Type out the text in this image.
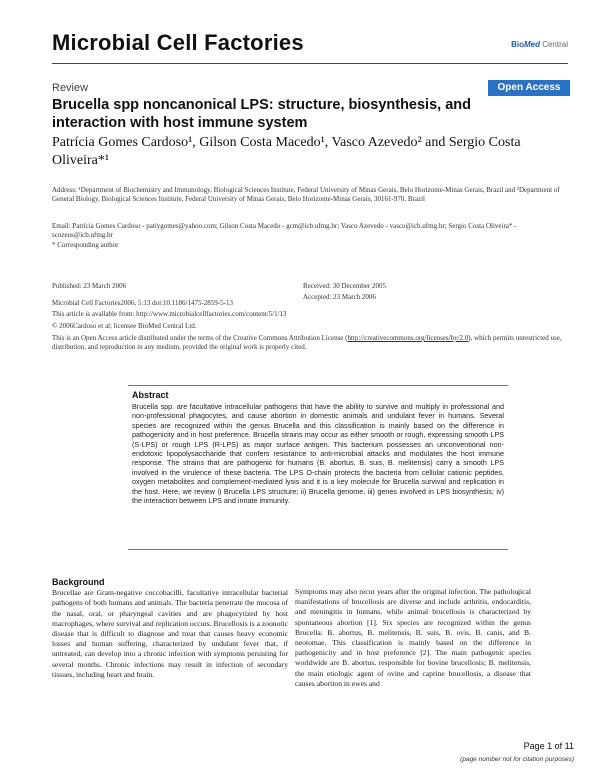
Microbial Cell Factories	BioMed Central
Review	Open Access
Brucella spp noncanonical LPS: structure, biosynthesis, and interaction with host immune system
Patrícia Gomes Cardoso¹, Gilson Costa Macedo¹, Vasco Azevedo² and Sergio Costa Oliveira*¹
Address: ¹Department of Biochemistry and Immunology, Biological Sciences Institute, Federal University of Minas Gerais, Belo Horizonte-Minas Gerais, Brazil and ²Department of General Biology, Biological Sciences Institute, Federal University of Minas Gerais, Belo Horizonte-Minas Gerais, 30161-970, Brazil
Email: Patrícia Gomes Cardoso - patiygomes@yahoo.com; Gilson Costa Macedo - gcm@icb.ufmg.br; Vasco Azevedo - vasco@icb.ufmg.br; Sergio Costa Oliveira* - scozeus@icb.ufmg.br
* Corresponding author
Published: 23 March 2006
Microbial Cell Factories2006, 5:13 doi:10.1186/1475-2859-5-13
Received: 30 December 2005
Accepted: 23 March 2006

This article is available from: http://www.microbialcellfactories.com/content/5/1/13

© 2006Cardoso et al; licensee BioMed Central Ltd.

This is an Open Access article distributed under the terms of the Creative Commons Attribution License (http://creativecommons.org/licenses/by/2.0), which permits unrestricted use, distribution, and reproduction in any medium, provided the original work is properly cited.

Abstract
Brucella spp. are facultative intracellular pathogens that have the ability to survive and multiply in professional and non-professional phagocytes, and cause abortion in domestic animals and undulant fever in humans. Several species are recognized within the genus Brucella and this classification is mainly based on the difference in pathogenicity and in host preference. Brucella strains may occur as either smooth or rough, expressing smooth LPS (S-LPS) or rough LPS (R-LPS) as major surface antigen. This bacterium possesses an unconventional non-endotoxic lipopolysaccharide that confers resistance to anti-microbial attacks and modulates the host immune response. The strains that are pathogenic for humans (B. abortus, B. suis, B. melitensis) carry a smooth LPS involved in the virulence of these bacteria. The LPS O-chain protects the bacteria from cellular cationic peptides, oxygen metabolites and complement-mediated lysis and it is a key molecule for Brucella survival and replication in the host. Here, we review i) Brucella LPS structure; ii) Brucella genome, iii) genes involved in LPS biosynthesis; iv) the interaction between LPS and innate immunity.
Background
Brucellae are Gram-negative coccobacilli, facultative intracellular bacterial pathogens of both humans and animals. The bacteria penetrate the mucosa of the nasal, oral, or pharyngeal cavities and are phagocytized by host macrophages, where survival and replication occurs. Brucellosis is a zoonotic disease that is difficult to diagnose and treat that causes heavy economic losses and human suffering, characterized by undulant fever that, if untreated, can develop into a chronic infection with symptoms persisting for several months. Chronic infections may result in infection of secondary tissues, including heart and brain.
Symptoms may also recur years after the original infection. The pathological manifestations of brucellosis are diverse and include arthritis, endocarditis, and meningitis in humans, while animal brucellosis is characterized by spontaneous abortion [1]. Six species are recognized within the genus Brucella: B. abortus, B. melitensis, B. suis, B. ovis, B. canis, and B. neotomae. This classification is mainly based on the difference in pathogenicity and in host preference [2]. The main pathogenic species worldwide are B. abortus, responsible for bovine brucellosis; B. melitensis, the main etiologic agent of ovine and caprine brucellosis, a disease that causes abortion in ewes and
Page 1 of 11
(page number not for citation purposes)
